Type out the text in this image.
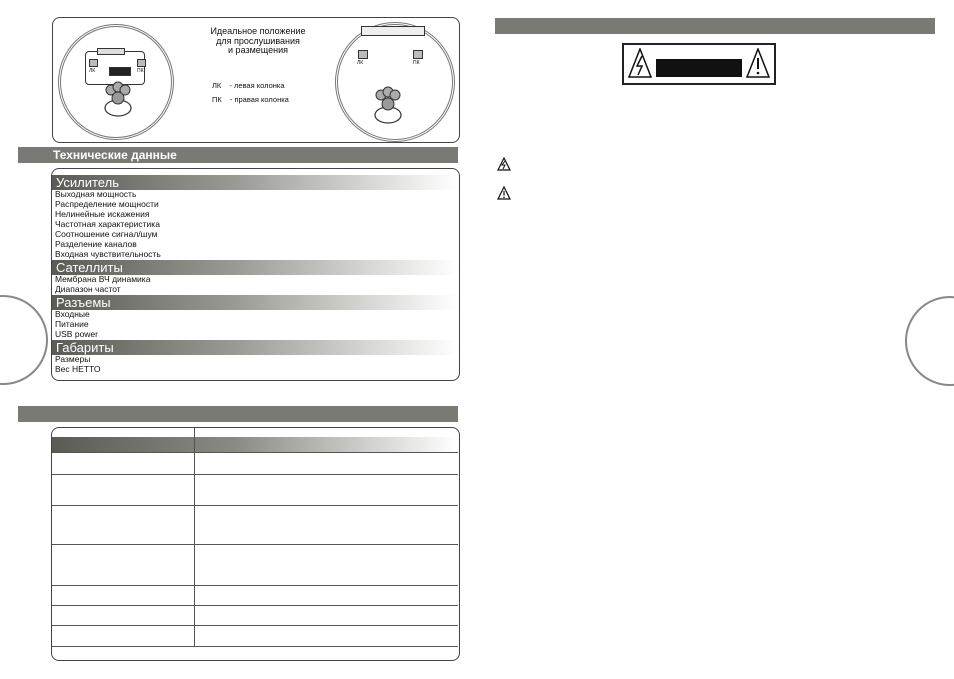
ЛК	ПК
Идеальное положение
для прослушивания
и размещения
ЛК - левая колонка
ПК - правая колонка
ЛК	ПК
Технические данные
Усилитель
Выходная мощность
Распределение мощности
Нелинейные искажения
Частотная характеристика
Соотношение сигнал/шум
Разделение каналов
Входная чувствительность
Сателлиты
Мембрана ВЧ динамика
Диапазон частот
Разъемы
Входные
Питание
USB power
Габариты
Размеры
Вес НЕТТО
